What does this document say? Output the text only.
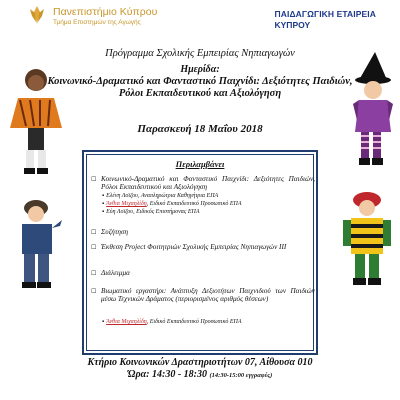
Πανεπιστήμιο Κύπρου
Τμήμα Επιστημών της Αγωγής
ΠΑΙΔΑΓΩΓΙΚΗ ΕΤΑΙΡΕΙΑ
ΚΥΠΡΟΥ
Πρόγραμμα Σχολικής Εμπειρίας Νηπιαγωγών
Ημερίδα:
Κοινωνικό-Δραματικό και Φανταστικό Παιχνίδι: Δεξιότητες Παιδιών,
Ρόλοι Εκπαιδευτικού και Αξιολόγηση
Παρασκευή 18 Μαΐου 2018
Περιλαμβάνει
☐ Κοινωνικό-Δραματικό και Φανταστικό Παιχνίδι: Δεξιότητες Παιδιών, Ρόλοι Εκπαιδευτικού και Αξιολόγηση
▪ Ελένη Λοϊζου, Αναπληρώτρια Καθηγήτρια ΕΠΑ
▪ Άνθια Μιχαηλίδη, Ειδικό Εκπαιδευτικό Προσωπικό ΕΠΑ
▪ Εύη Λοϊζου, Ειδικός Επιστήμονας ΕΠΑ
☐ Συζήτηση
☐ Έκθεση Project Φοιτητριών Σχολικής Εμπειρίας Νηπιαγωγών ΙΙΙ
☐ Διάλειμμα
☐ Βιωματικό εργαστήρι: Ανάπτυξη Δεξιοτήτων Παιχνιδιού των Παιδιών μέσω Τεχνικών Δράματος (περιορισμένος αριθμός θέσεων)
▪ Άνθια Μιχαηλίδη, Ειδικό Εκπαιδευτικό Προσωπικό ΕΠΑ
Κτήριο Κοινωνικών Δραστηριοτήτων 07, Αίθουσα 010
Ώρα: 14:30 - 18:30 (14:30-15:00 εγγραφές)
